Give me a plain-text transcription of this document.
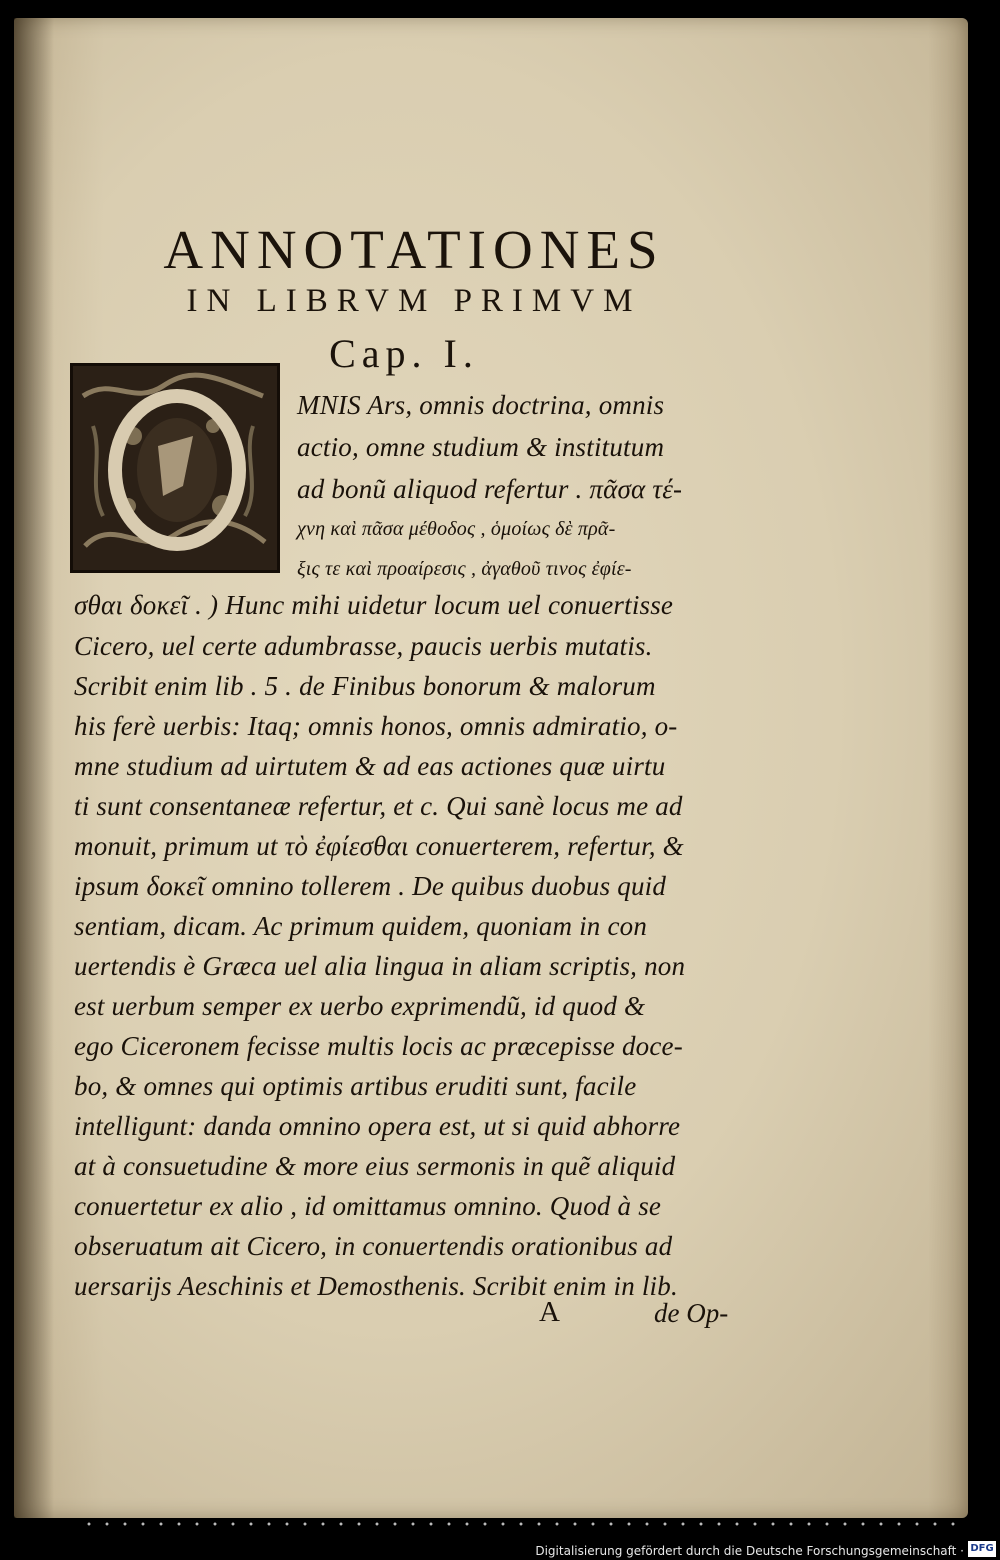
ANNOTATIONES
IN LIBRVM PRIMVM
Cap. I.
MNIS Ars, omnis doctrina, omnis
actio, omne studium & institutum
ad bonũ aliquod refertur . πᾶσα τέ-
χνη καὶ πᾶσα μέθοδος , ὁμοίως δὲ πρᾶ-
ξις τε καὶ προαίρεσις , ἀγαθοῦ τινος ἐφίε-
σθαι δοκεῖ . ) Hunc mihi uidetur locum uel conuertisse
Cicero, uel certe adumbrasse, paucis uerbis mutatis.
Scribit enim lib . 5 . de Finibus bonorum & malorum
his ferè uerbis: Itaq; omnis honos, omnis admiratio, o-
mne studium ad uirtutem & ad eas actiones quæ uirtu
ti sunt consentaneæ refertur, et c. Qui sanè locus me ad
monuit, primum ut τὸ ἐφίεσθαι conuerterem, refertur, &
ipsum δοκεῖ omnino tollerem . De quibus duobus quid
sentiam, dicam. Ac primum quidem, quoniam in con
uertendis è Græca uel alia lingua in aliam scriptis, non
est uerbum semper ex uerbo exprimendũ, id quod &
ego Ciceronem fecisse multis locis ac præcepisse doce-
bo, & omnes qui optimis artibus eruditi sunt, facile
intelligunt: danda omnino opera est, ut si quid abhorre
at à consuetudine & more eius sermonis in quẽ aliquid
conuertetur ex alio , id omittamus omnino. Quod à se
obseruatum ait Cicero, in conuertendis orationibus ad
uersarijs Aeschinis et Demosthenis. Scribit enim in lib.
A	de Op-
Digitalisierung gefördert durch die Deutsche Forschungsgemeinschaft · DFG
